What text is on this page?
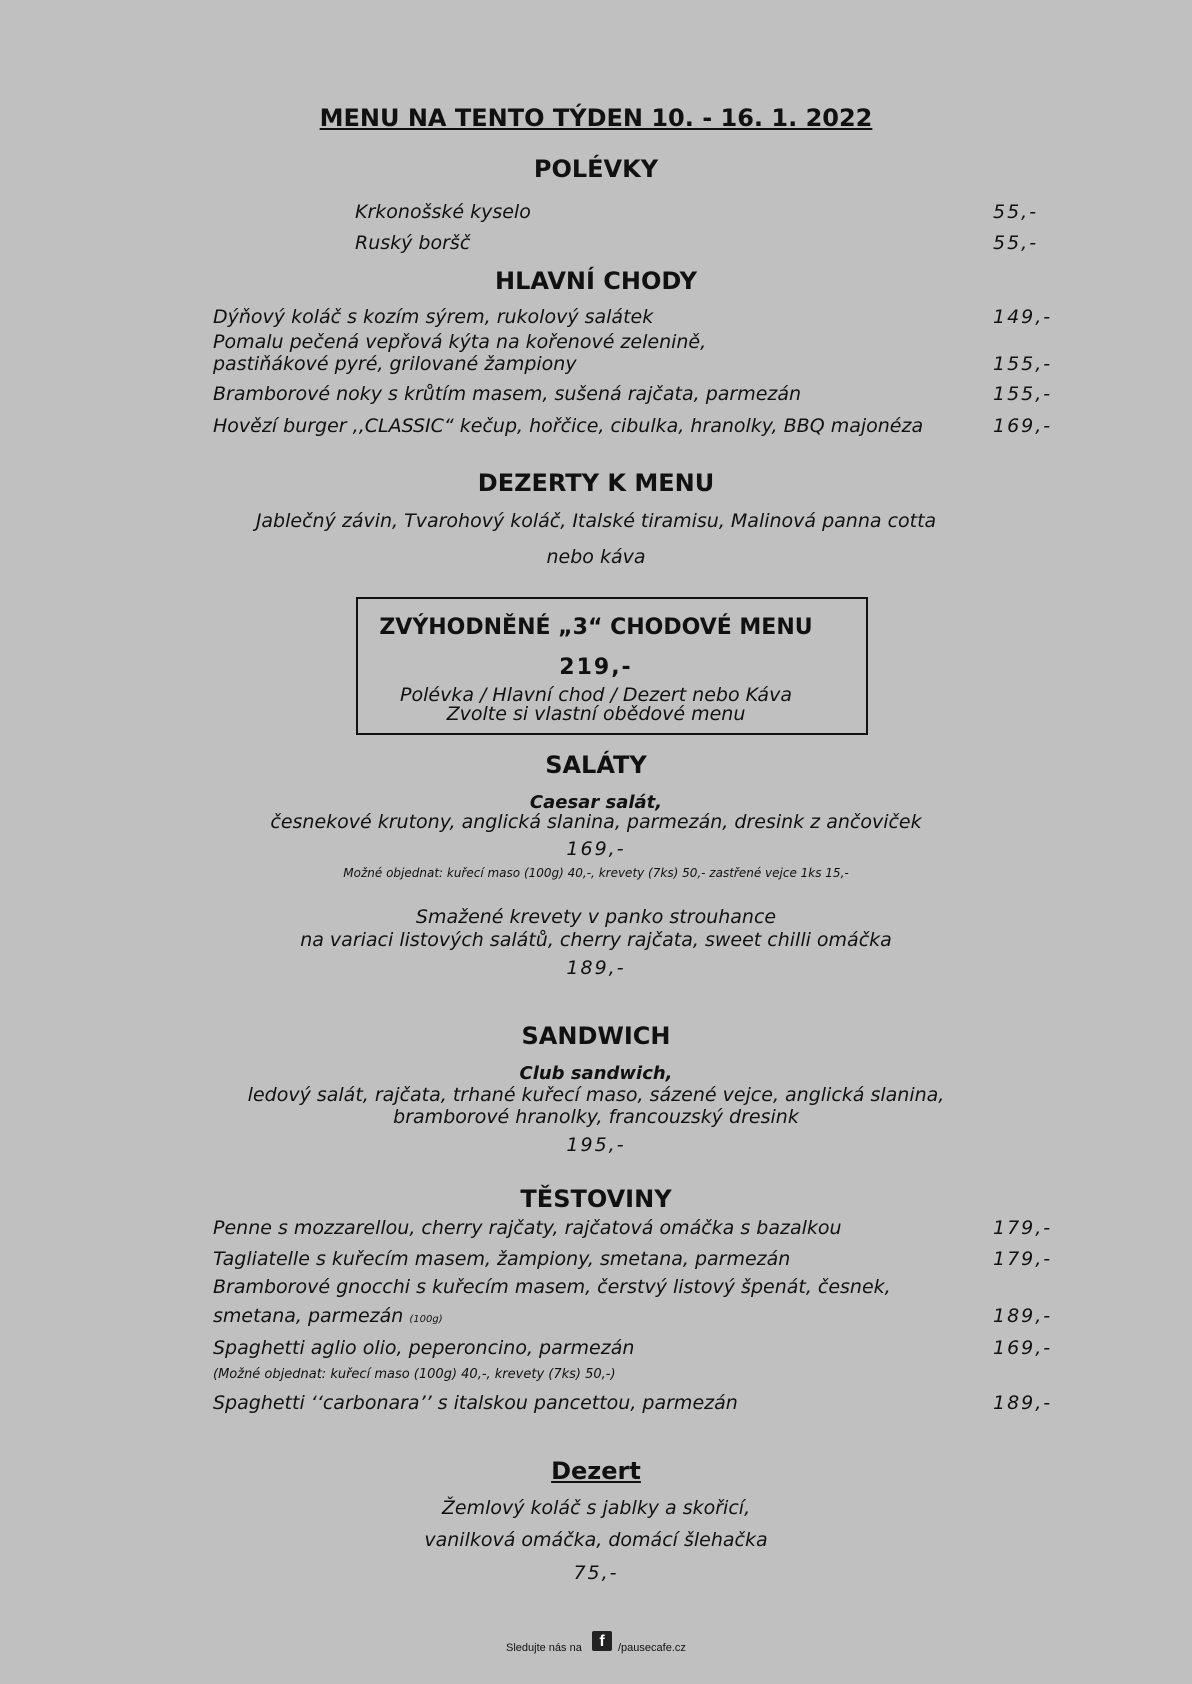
MENU NA TENTO TÝDEN 10. - 16. 1. 2022
POLÉVKY
Krkonošské kyselo	55,-
Ruský boršč	55,-
HLAVNÍ CHODY
Dýňový koláč s kozím sýrem, rukolový salátek	149,-
Pomalu pečená vepřová kýta na kořenové zelenině,
pastiňákové pyré, grilované žampiony	155,-
Bramborové noky s krůtím masem, sušená rajčata, parmezán	155,-
Hovězí burger ,,CLASSIC“ kečup, hořčice, cibulka, hranolky, BBQ majonéza	169,-
DEZERTY K MENU
Jablečný závin, Tvarohový koláč, Italské tiramisu, Malinová panna cotta
nebo káva
ZVÝHODNĚNÉ „3“ CHODOVÉ MENU
219,-
Polévka / Hlavní chod / Dezert nebo Káva
Zvolte si vlastní obědové menu
SALÁTY
Caesar salát,
česnekové krutony, anglická slanina, parmezán, dresink z ančoviček
169,-
Možné objednat: kuřecí maso (100g) 40,-, krevety (7ks) 50,- zastřené vejce 1ks 15,-
Smažené krevety v panko strouhance
na variaci listových salátů, cherry rajčata, sweet chilli omáčka
189,-
SANDWICH
Club sandwich,
ledový salát, rajčata, trhané kuřecí maso, sázené vejce, anglická slanina,
bramborové hranolky, francouzský dresink
195,-
TĚSTOVINY
Penne s mozzarellou, cherry rajčaty, rajčatová omáčka s bazalkou	179,-
Tagliatelle s kuřecím masem, žampiony, smetana, parmezán	179,-
Bramborové gnocchi s kuřecím masem, čerstvý listový špenát, česnek,
smetana, parmezán (100g)	189,-
Spaghetti aglio olio, peperoncino, parmezán	169,-
(Možné objednat: kuřecí maso (100g) 40,-, krevety (7ks) 50,-)
Spaghetti ‘‘carbonara’’ s italskou pancettou, parmezán	189,-
Dezert
Žemlový koláč s jablky a skořicí,
vanilková omáčka, domácí šlehačka
75,-
Sledujte nás na	f	/pausecafe.cz
